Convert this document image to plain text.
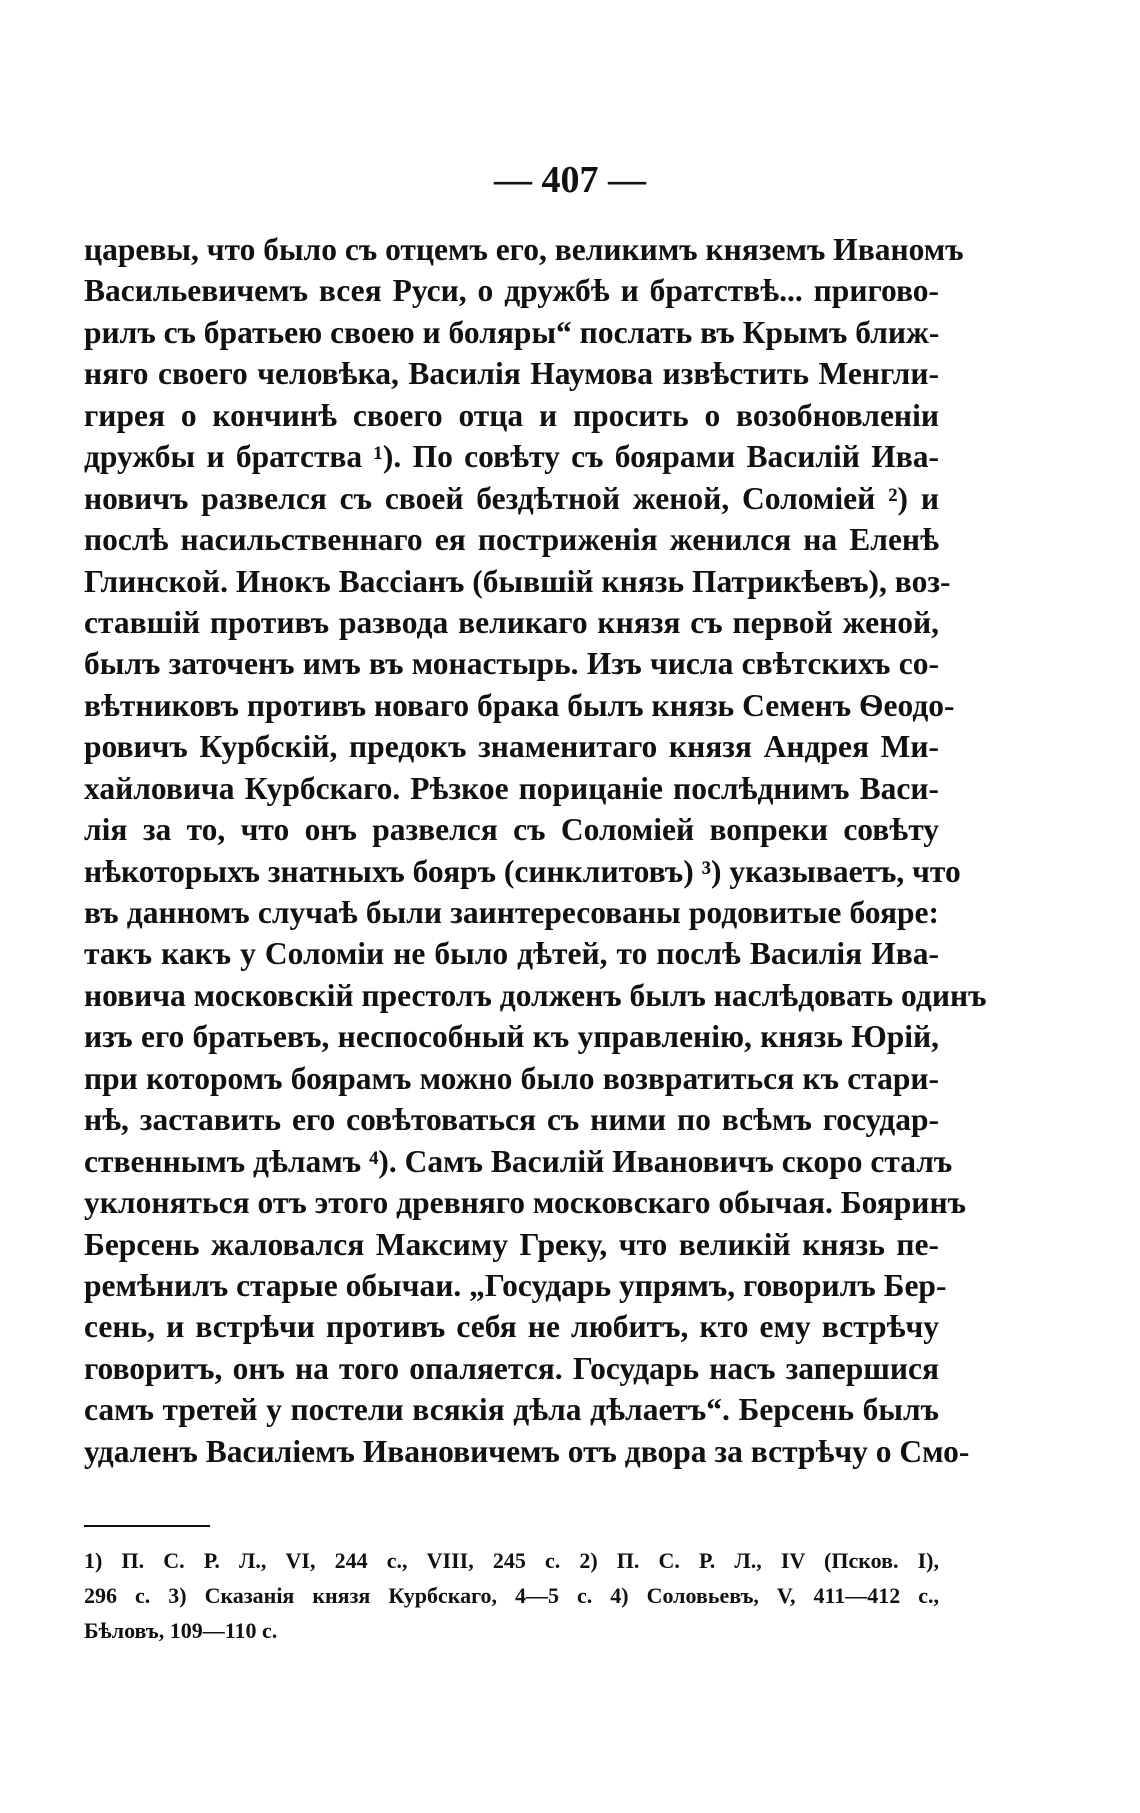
— 407 —
царевы, что было съ отцемъ его, великимъ княземъ Иваномъ
Васильевичемъ всея Руси, о дружбѣ и братствѣ... пригово-
рилъ съ братьею своею и боляры“ послать въ Крымъ ближ-
няго своего человѣка, Василія Наумова извѣстить Менгли-
гирея о кончинѣ своего отца и просить о возобновленіи
дружбы и братства ¹). По совѣту съ боярами Василій Ива-
новичъ развелся съ своей бездѣтной женой, Соломіей ²) и
послѣ насильственнаго ея постриженія женился на Еленѣ
Глинской. Инокъ Вассіанъ (бывшій князь Патрикѣевъ), воз-
ставшій противъ развода великаго князя съ первой женой,
былъ заточенъ имъ въ монастырь. Изъ числа свѣтскихъ со-
вѣтниковъ противъ новаго брака былъ князь Семенъ Ѳеодо-
ровичъ Курбскій, предокъ знаменитаго князя Андрея Ми-
хайловича Курбскаго. Рѣзкое порицаніе послѣднимъ Васи-
лія за то, что онъ развелся съ Соломіей вопреки совѣту
нѣкоторыхъ знатныхъ бояръ (синклитовъ) ³) указываетъ, что
въ данномъ случаѣ были заинтересованы родовитые бояре:
такъ какъ у Соломіи не было дѣтей, то послѣ Василія Ива-
новича московскій престолъ долженъ былъ наслѣдовать одинъ
изъ его братьевъ, неспособный къ управленію, князь Юрій,
при которомъ боярамъ можно было возвратиться къ стари-
нѣ, заставить его совѣтоваться съ ними по всѣмъ государ-
ственнымъ дѣламъ ⁴). Самъ Василій Ивановичъ скоро сталъ
уклоняться отъ этого древняго московскаго обычая. Бояринъ
Берсень жаловался Максиму Греку, что великій князь пе-
ремѣнилъ старые обычаи. „Государь упрямъ, говорилъ Бер-
сень, и встрѣчи противъ себя не любитъ, кто ему встрѣчу
говоритъ, онъ на того опаляется. Государь насъ запершися
самъ третей у постели всякія дѣла дѣлаетъ“. Берсень былъ
удаленъ Василіемъ Ивановичемъ отъ двора за встрѣчу о Смо-
1) П. С. Р. Л., VI, 244 с., VIII, 245 с. 2) П. С. Р. Л., IV (Псков. I),
296 с. 3) Сказанія князя Курбскаго, 4—5 с. 4) Соловьевъ, V, 411—412 с.,
Бѣловъ, 109—110 с.
